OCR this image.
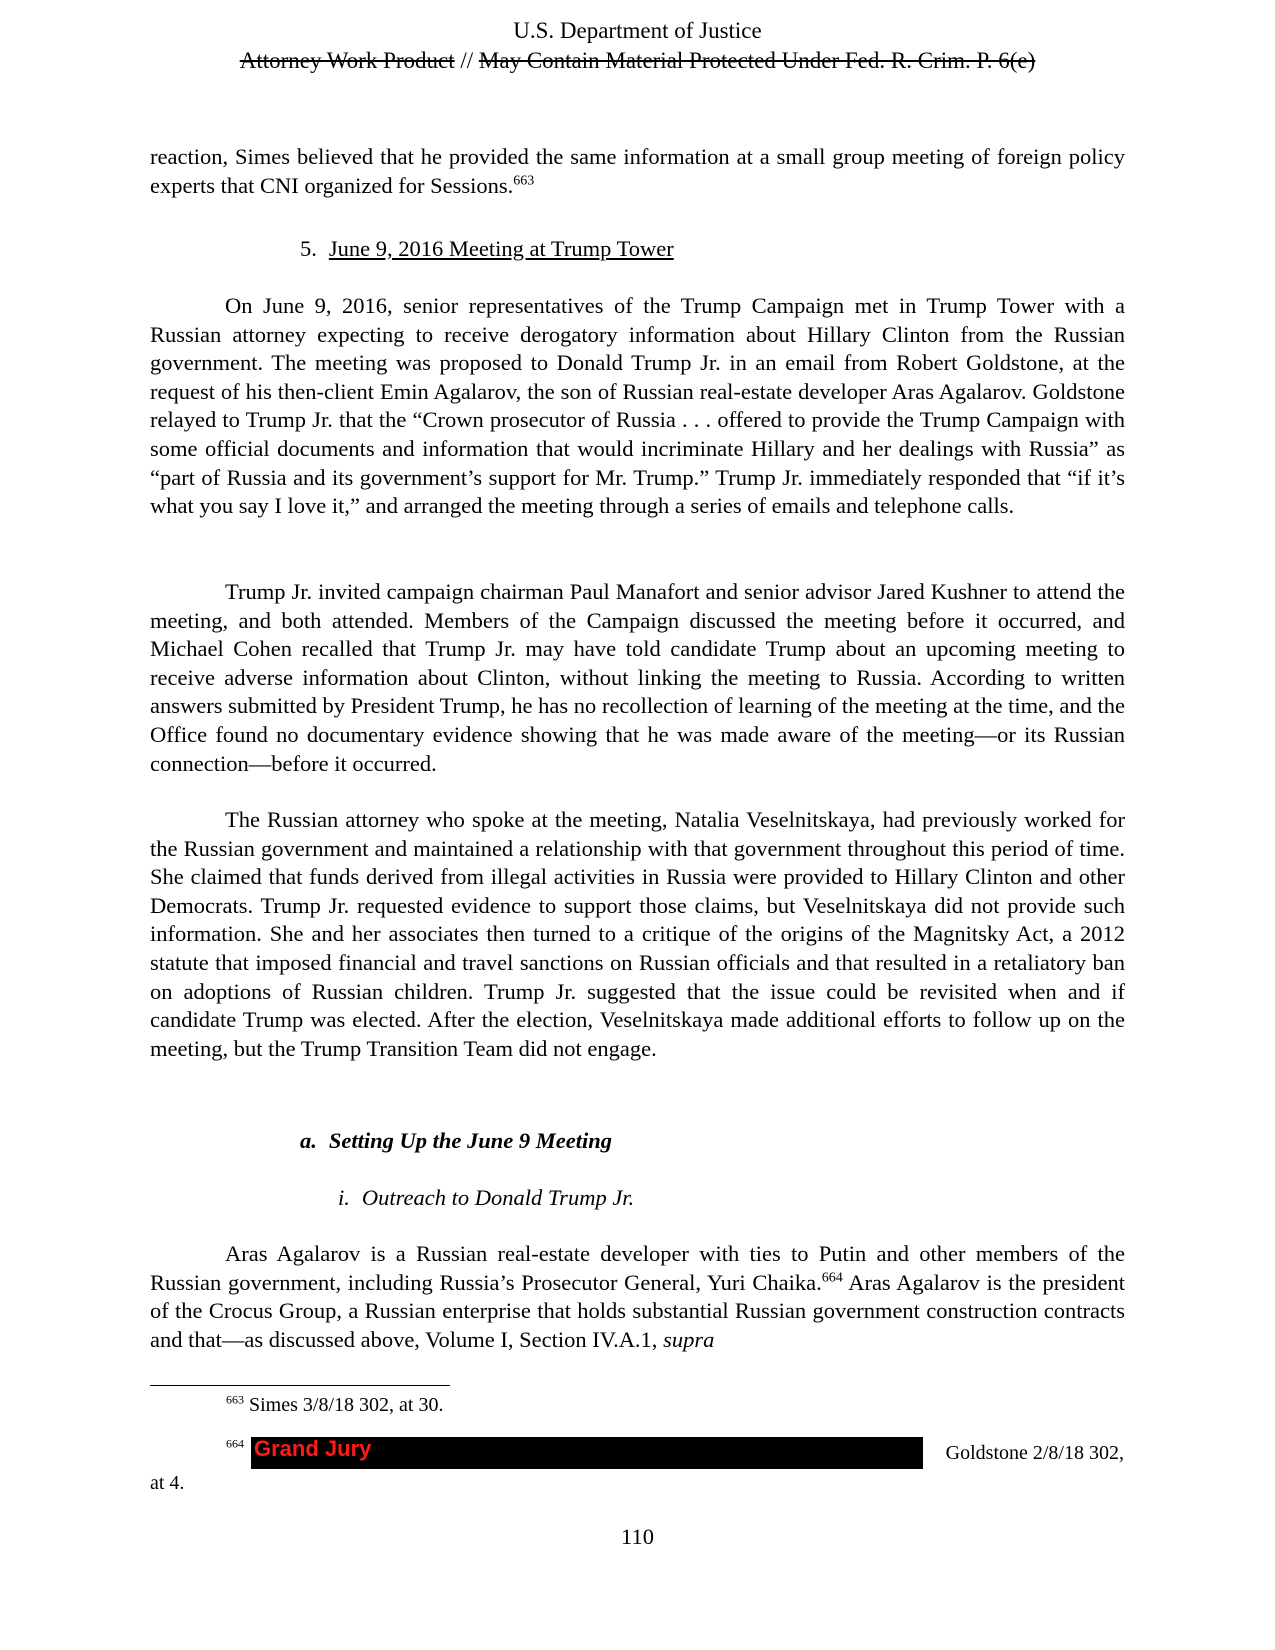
U.S. Department of Justice
Attorney Work Product // May Contain Material Protected Under Fed. R. Crim. P. 6(e)

reaction, Simes believed that he provided the same information at a small group meeting of foreign policy experts that CNI organized for Sessions.$^{663}$

5. June 9, 2016 Meeting at Trump Tower

On June 9, 2016, senior representatives of the Trump Campaign met in Trump Tower with a Russian attorney expecting to receive derogatory information about Hillary Clinton from the Russian government. The meeting was proposed to Donald Trump Jr. in an email from Robert Goldstone, at the request of his then-client Emin Agalarov, the son of Russian real-estate developer Aras Agalarov. Goldstone relayed to Trump Jr. that the “Crown prosecutor of Russia . . . offered to provide the Trump Campaign with some official documents and information that would incriminate Hillary and her dealings with Russia” as “part of Russia and its government’s support for Mr. Trump.” Trump Jr. immediately responded that “if it’s what you say I love it,” and arranged the meeting through a series of emails and telephone calls.

Trump Jr. invited campaign chairman Paul Manafort and senior advisor Jared Kushner to attend the meeting, and both attended. Members of the Campaign discussed the meeting before it occurred, and Michael Cohen recalled that Trump Jr. may have told candidate Trump about an upcoming meeting to receive adverse information about Clinton, without linking the meeting to Russia. According to written answers submitted by President Trump, he has no recollection of learning of the meeting at the time, and the Office found no documentary evidence showing that he was made aware of the meeting—or its Russian connection—before it occurred.

The Russian attorney who spoke at the meeting, Natalia Veselnitskaya, had previously worked for the Russian government and maintained a relationship with that government throughout this period of time. She claimed that funds derived from illegal activities in Russia were provided to Hillary Clinton and other Democrats. Trump Jr. requested evidence to support those claims, but Veselnitskaya did not provide such information. She and her associates then turned to a critique of the origins of the Magnitsky Act, a 2012 statute that imposed financial and travel sanctions on Russian officials and that resulted in a retaliatory ban on adoptions of Russian children. Trump Jr. suggested that the issue could be revisited when and if candidate Trump was elected. After the election, Veselnitskaya made additional efforts to follow up on the meeting, but the Trump Transition Team did not engage.

a. Setting Up the June 9 Meeting
i. Outreach to Donald Trump Jr.

Aras Agalarov is a Russian real-estate developer with ties to Putin and other members of the Russian government, including Russia’s Prosecutor General, Yuri Chaika.$^{664}$ Aras Agalarov is the president of the Crocus Group, a Russian enterprise that holds substantial Russian government construction contracts and that—as discussed above, Volume I, Section IV.A.1, supra

$^{663}$ Simes 3/8/18 302, at 30.
$^{664}$ Grand Jury	Goldstone 2/8/18 302,
at 4.
110
